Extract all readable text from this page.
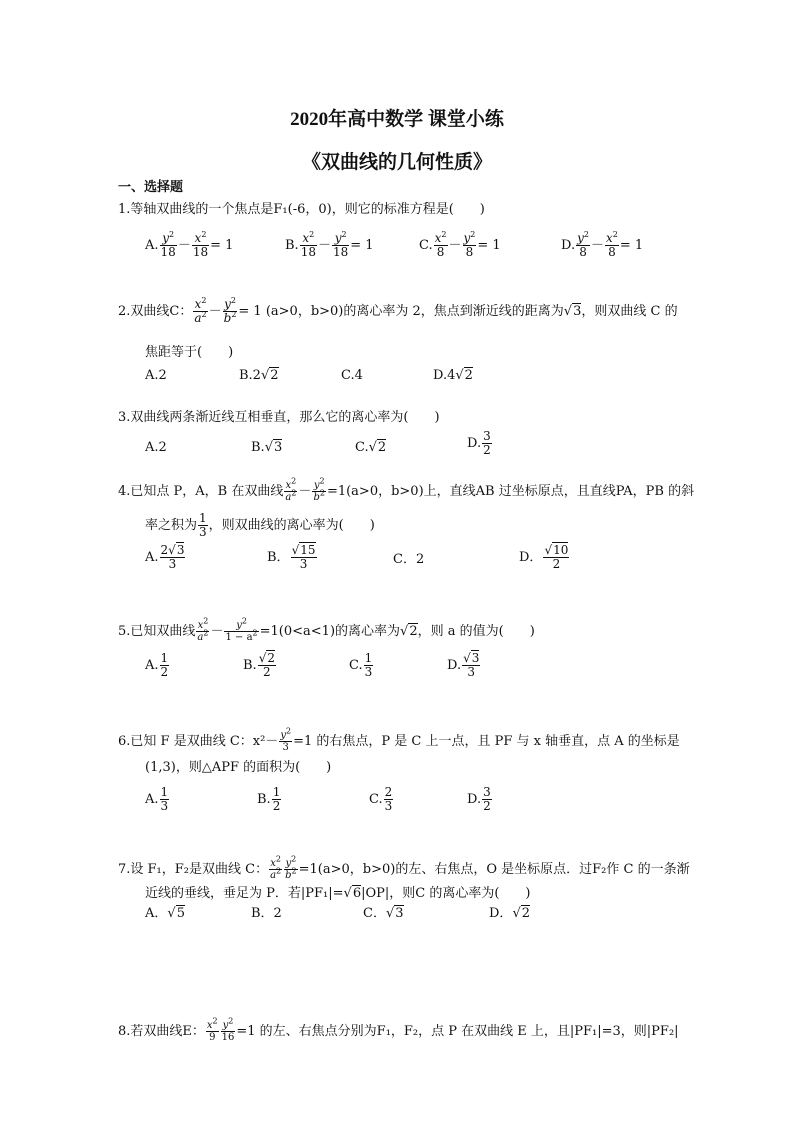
2020年高中数学 课堂小练
《双曲线的几何性质》
一、选择题
1.等轴双曲线的一个焦点是F₁(-6，0)，则它的标准方程是(　　)
A. $\frac{y^2}{18} - \frac{x^2}{18} = 1$	B. $\frac{x^2}{18} - \frac{y^2}{18} = 1$	C. $\frac{x^2}{8} - \frac{y^2}{8} = 1$	D. $\frac{y^2}{8} - \frac{x^2}{8} = 1$
2.双曲线C： $\frac{x^2}{a^2} - \frac{y^2}{b^2} = 1$ (a>0，b>0)的离心率为 2，焦点到渐近线的距离为√3，则双曲线 C 的
焦距等于(　　)
A.2	B.2√2	C.4	D.4√2
3.双曲线两条渐近线互相垂直，那么它的离心率为(　　)
A.2	B.√3	C.√2	D. $\frac{3}{2}$
4.已知点 P，A，B 在双曲线 $\frac{x^2}{a^2} - \frac{y^2}{b^2} =1(a>0$，b>0)上，直线AB 过坐标原点，且直线PA，PB 的斜
率之积为 $\frac{1}{3}$ ，则双曲线的离心率为(　　)
A. $\frac{2√3}{3}$	B． $\frac{√15}{3}$	C．2	D． $\frac{√10}{2}$
5.已知双曲线 $\frac{x^2}{a^2} - \frac{y^2}{1 - a^2} =1(0<a<1)$的离心率为√2，则 a 的值为(　　)
A. $\frac{1}{2}$	B. $\frac{√2}{2}$	C. $\frac{1}{3}$	D. $\frac{√3}{3}$
6.已知 F 是双曲线 C：$x^2- \frac{y^2}{3} =1$ 的右焦点，P 是 C 上一点，且 PF 与 x 轴垂直，点 A 的坐标是
(1,3)，则△APF 的面积为(　　)
A. $\frac{1}{3}$	B. $\frac{1}{2}$	C. $\frac{2}{3}$	D. $\frac{3}{2}$
7.设 F₁，F₂是双曲线 C： $\frac{x^2}{a^2} \frac{y^2}{b^2} =1(a>0$，b>0)的左、右焦点，O 是坐标原点．过F₂作 C 的一条渐
近线的垂线，垂足为 P．若|PF₁|=√6|OP|，则C 的离心率为(　　)
A．√5	B．2	C．√3	D．√2
8.若双曲线E： $\frac{x^2}{9} \frac{y^2}{16} =1$ 的左、右焦点分别为F₁，F₂，点 P 在双曲线 E 上，且|PF₁|=3，则|PF₂|
